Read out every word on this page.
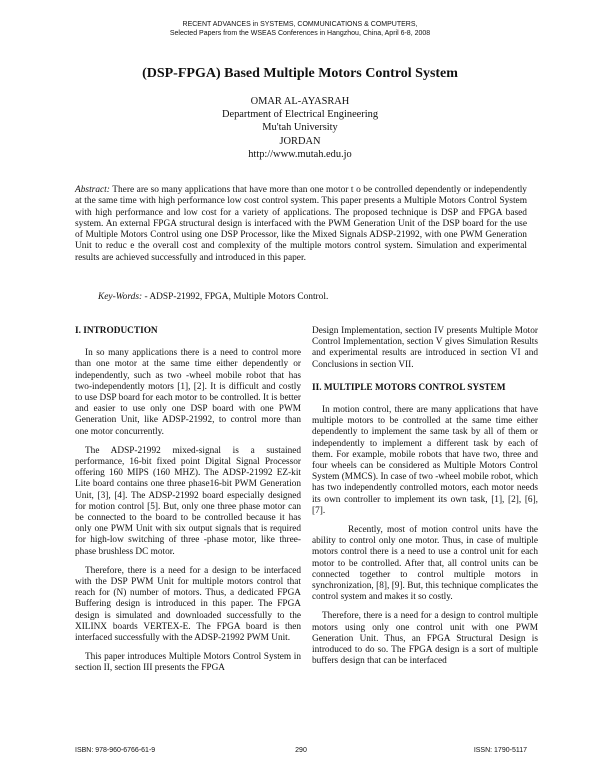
RECENT ADVANCES in SYSTEMS, COMMUNICATIONS & COMPUTERS,
Selected Papers from the WSEAS Conferences in Hangzhou, China, April 6-8, 2008
(DSP-FPGA) Based Multiple Motors Control System
OMAR AL-AYASRAH
Department of Electrical Engineering
Mu'tah University
JORDAN
http://www.mutah.edu.jo
Abstract: There are so many applications that have more than one motor t o be controlled dependently or independently at the same time with high performance low cost control system. This paper presents a Multiple Motors Control System with high performance and low cost for a variety of applications. The proposed technique is DSP and FPGA based system. An external FPGA structural design is interfaced with the PWM Generation Unit of the DSP board for the use of Multiple Motors Control using one DSP Processor, like the Mixed Signals ADSP-21992, with one PWM Generation Unit to reduc e the overall cost and complexity of the multiple motors control system. Simulation and experimental results are achieved successfully and introduced in this paper.
Key-Words: - ADSP-21992, FPGA, Multiple Motors Control.
I. INTRODUCTION

In so many applications there is a need to control more than one motor at the same time either dependently or independently, such as two -wheel mobile robot that has two-independently motors [1], [2]. It is difficult and costly to use DSP board for each motor to be controlled. It is better and easier to use only one DSP board with one PWM Generation Unit, like ADSP-21992, to control more than one motor concurrently.

The ADSP-21992 mixed-signal is a sustained performance, 16-bit fixed point Digital Signal Processor offering 160 MIPS (160 MHZ). The ADSP-21992 EZ-kit Lite board contains one three phase16-bit PWM Generation Unit, [3], [4]. The ADSP-21992 board especially designed for motion control [5]. But, only one three phase motor can be connected to the board to be controlled because it has only one PWM Unit with six output signals that is required for high-low switching of three -phase motor, like three-phase brushless DC motor.

Therefore, there is a need for a design to be interfaced with the DSP PWM Unit for multiple motors control that reach for (N) number of motors. Thus, a dedicated FPGA Buffering design is introduced in this paper. The FPGA design is simulated and downloaded successfully to the XILINX boards VERTEX-E. The FPGA board is then interfaced successfully with the ADSP-21992 PWM Unit.

This paper introduces Multiple Motors Control System in section II, section III presents the FPGA

Design Implementation, section IV presents Multiple Motor Control Implementation, section V gives Simulation Results and experimental results are introduced in section VI and Conclusions in section VII.

II. MULTIPLE MOTORS CONTROL SYSTEM

In motion control, there are many applications that have multiple motors to be controlled at the same time either dependently to implement the same task by all of them or independently to implement a different task by each of them. For example, mobile robots that have two, three and four wheels can be considered as Multiple Motors Control System (MMCS). In case of two -wheel mobile robot, which has two independently controlled motors, each motor needs its own controller to implement its own task, [1], [2], [6], [7].

Recently, most of motion control units have the ability to control only one motor. Thus, in case of multiple motors control there is a need to use a control unit for each motor to be controlled. After that, all control units can be connected together to control multiple motors in synchronization, [8], [9]. But, this technique complicates the control system and makes it so costly.

Therefore, there is a need for a design to control multiple motors using only one control unit with one PWM Generation Unit. Thus, an FPGA Structural Design is introduced to do so. The FPGA design is a sort of multiple buffers design that can be interfaced

ISBN: 978-960-6766-61-9	290	ISSN: 1790-5117
